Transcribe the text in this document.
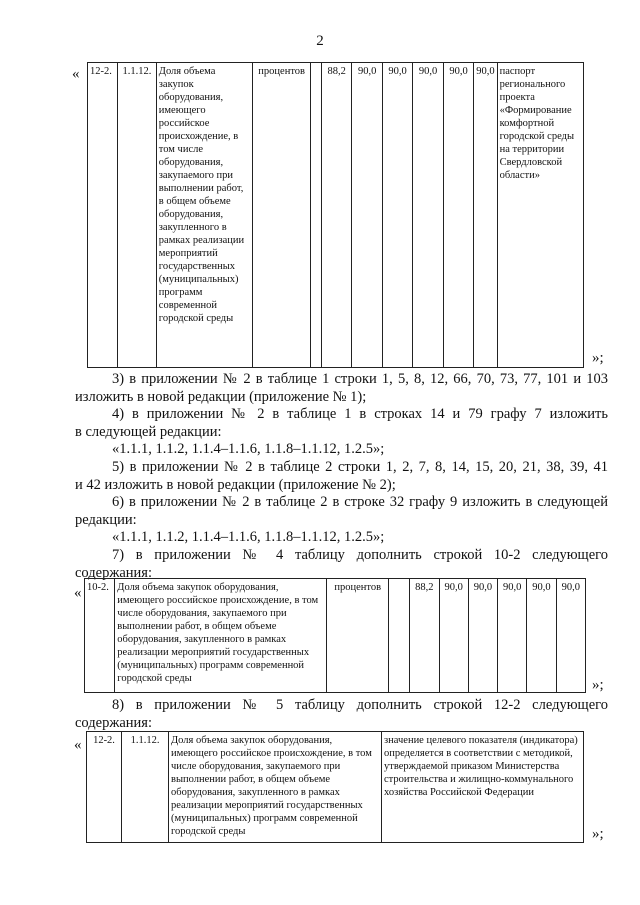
2
« 12-2.	1.1.12.	Доля объема закупок оборудования, имеющего российское происхождение, в том числе оборудования, закупаемого при выполнении работ, в общем объеме оборудования, закупленного в рамках реализации мероприятий государственных (муниципальных) программ современной городской среды	процентов		88,2	90,0	90,0	90,0	90,0	90,0	паспорт регионального проекта «Формирование комфортной городской среды на территории Свердловской области»
»;
3) в приложении № 2 в таблице 1 строки 1, 5, 8, 12, 66, 70, 73, 77, 101 и 103
изложить в новой редакции (приложение № 1);
4) в приложении № 2 в таблице 1 в строках 14 и 79 графу 7 изложить
в следующей редакции:
«1.1.1, 1.1.2, 1.1.4–1.1.6, 1.1.8–1.1.12, 1.2.5»;
5) в приложении № 2 в таблице 2 строки 1, 2, 7, 8, 14, 15, 20, 21, 38, 39, 41
и 42 изложить в новой редакции (приложение № 2);
6) в приложении № 2 в таблице 2 в строке 32 графу 9 изложить в следующей
редакции:
«1.1.1, 1.1.2, 1.1.4–1.1.6, 1.1.8–1.1.12, 1.2.5»;
7) в приложении № 4 таблицу дополнить строкой 10-2 следующего
содержания:
« 10-2.	Доля объема закупок оборудования, имеющего российское происхождение, в том числе оборудования, закупаемого при выполнении работ, в общем объеме оборудования, закупленного в рамках реализации мероприятий государственных (муниципальных) программ современной городской среды	процентов		88,2	90,0	90,0	90,0	90,0	90,0
»;
8) в приложении № 5 таблицу дополнить строкой 12-2 следующего
содержания:
« 12-2.	1.1.12.	Доля объема закупок оборудования, имеющего российское происхождение, в том числе оборудования, закупаемого при выполнении работ, в общем объеме оборудования, закупленного в рамках реализации мероприятий государственных (муниципальных) программ современной городской среды	значение целевого показателя (индикатора) определяется в соответствии с методикой, утверждаемой приказом Министерства строительства и жилищно-коммунального хозяйства Российской Федерации
»;
